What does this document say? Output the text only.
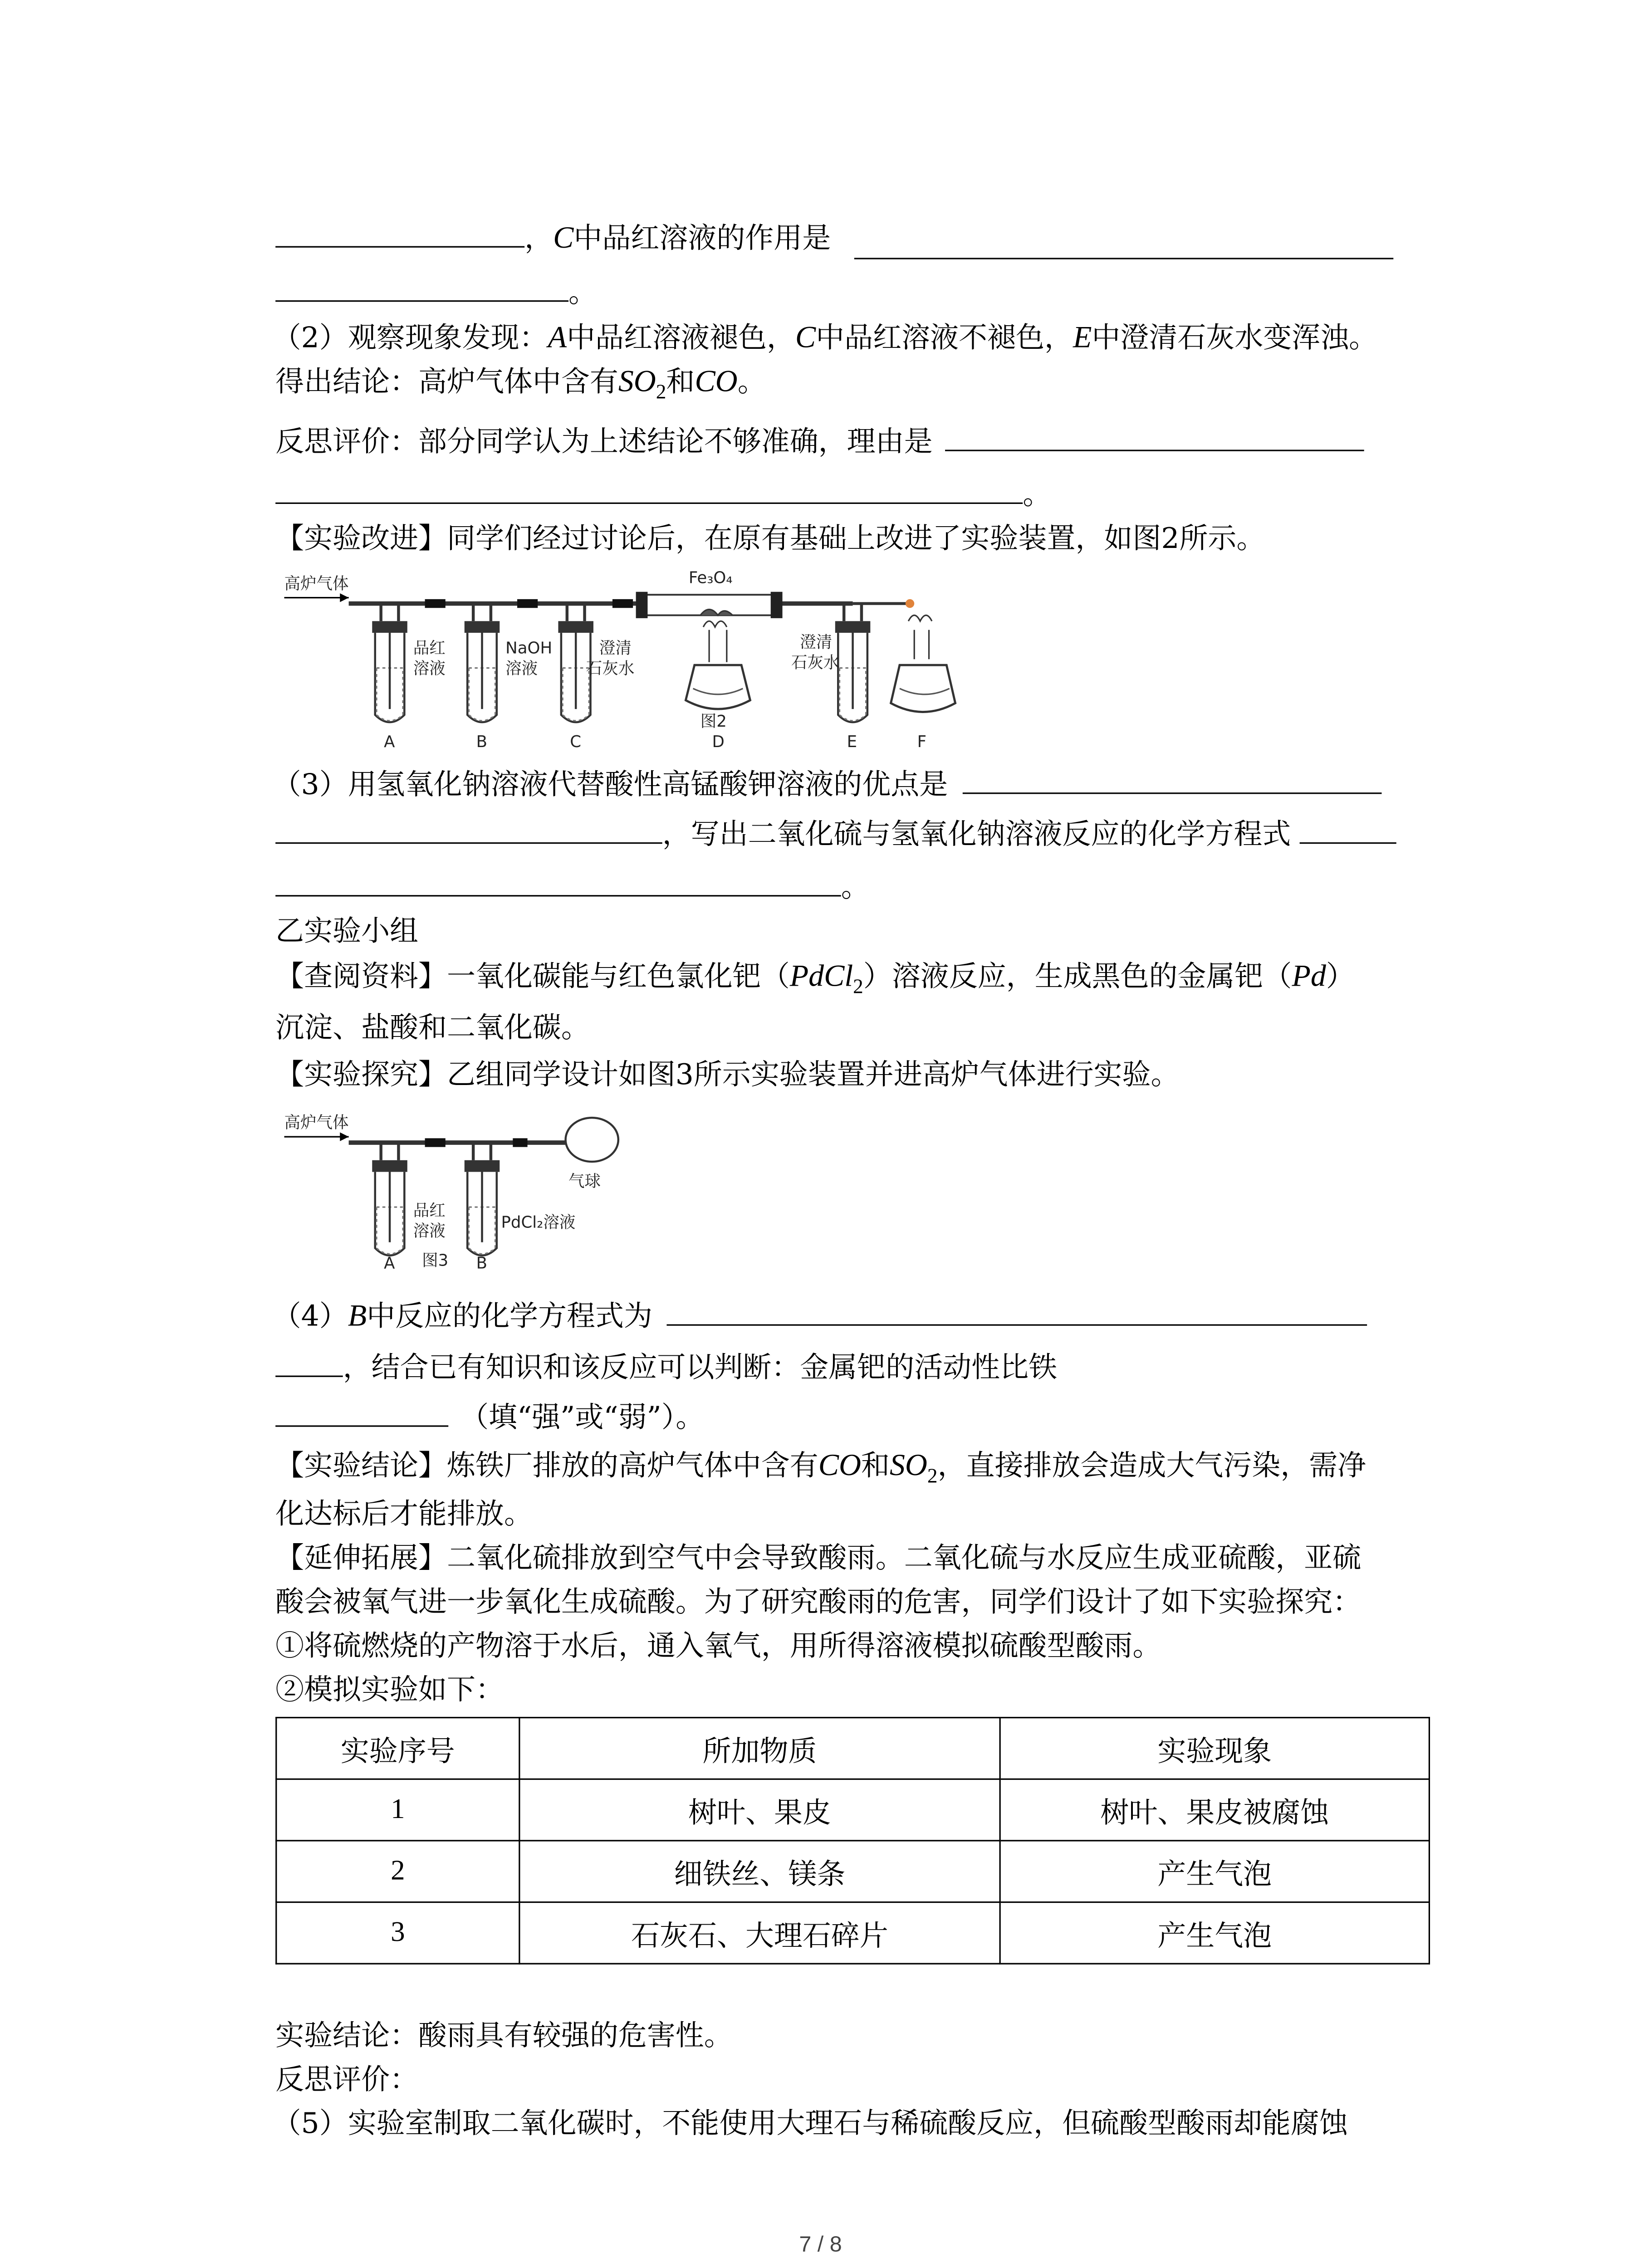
，C中品红溶液的作用是
。
（2）观察现象发现：A中品红溶液褪色，C中品红溶液不褪色，E中澄清石灰水变浑浊。
得出结论：高炉气体中含有$SO_2$和CO。
反思评价：部分同学认为上述结论不够准确，理由是
。
【实验改进】同学们经过讨论后，在原有基础上改进了实验装置，如图2所示。
高炉气体	Fe₃O₄
品红
溶液
NaOH
溶液
澄清
石灰水
澄清
石灰水
图2
A	B	C	D	E	F
（3）用氢氧化钠溶液代替酸性高锰酸钾溶液的优点是
，写出二氧化硫与氢氧化钠溶液反应的化学方程式
。
乙实验小组
【查阅资料】一氧化碳能与红色氯化钯（PdCl$_2$）溶液反应，生成黑色的金属钯（Pd）
沉淀、盐酸和二氧化碳。
【实验探究】乙组同学设计如图3所示实验装置并进高炉气体进行实验。
高炉气体
气球
品红
溶液	PdCl₂溶液
A	图3	B
（4）B中反应的化学方程式为
，结合已有知识和该反应可以判断：金属钯的活动性比铁
（填“强”或“弱”）。
【实验结论】炼铁厂排放的高炉气体中含有CO和$SO_2$，直接排放会造成大气污染，需净
化达标后才能排放。
【延伸拓展】二氧化硫排放到空气中会导致酸雨。二氧化硫与水反应生成亚硫酸，亚硫
酸会被氧气进一步氧化生成硫酸。为了研究酸雨的危害，同学们设计了如下实验探究：
①将硫燃烧的产物溶于水后，通入氧气，用所得溶液模拟硫酸型酸雨。
②模拟实验如下：
实验序号	所加物质	实验现象
1	树叶、果皮	树叶、果皮被腐蚀
2	细铁丝、镁条	产生气泡
3	石灰石、大理石碎片	产生气泡
实验结论：酸雨具有较强的危害性。
反思评价：
（5）实验室制取二氧化碳时，不能使用大理石与稀硫酸反应，但硫酸型酸雨却能腐蚀
7 / 8
